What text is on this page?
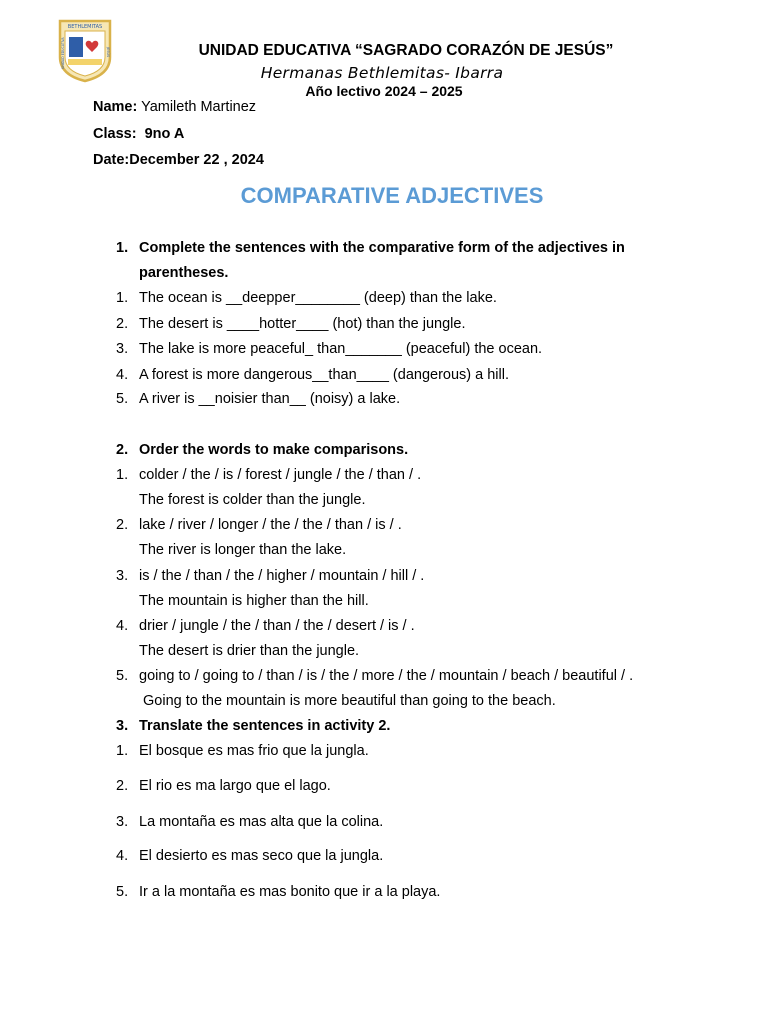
BETHLEMITAS
UNIDAD EDUCATIVA	JESÚS	UNIDAD EDUCATIVA “SAGRADO CORAZÓN DE JESÚS”
Hermanas Bethlemitas- Ibarra
Año lectivo 2024 – 2025
Name: Yamileth Martinez
Class:  9no A
Date:December 22 , 2024
COMPARATIVE ADJECTIVES
1. Complete the sentences with the comparative form of the adjectives in
parentheses.
1. The ocean is __deepper________ (deep) than the lake.
2. The desert is ____hotter____ (hot) than the jungle.
3. The lake is more peaceful_ than_______ (peaceful) the ocean.
4. A forest is more dangerous__than____ (dangerous) a hill.
5. A river is __noisier than__ (noisy) a lake.
2. Order the words to make comparisons.
1. colder / the / is / forest / jungle / the / than / .
The forest is colder than the jungle.
2. lake / river / longer / the / the / than / is / .
The river is longer than the lake.
3. is / the / than / the / higher / mountain / hill / .
The mountain is higher than the hill.
4. drier / jungle / the / than / the / desert / is / .
The desert is drier than the jungle.
5. going to / going to / than / is / the / more / the / mountain / beach / beautiful / .
Going to the mountain is more beautiful than going to the beach.
3. Translate the sentences in activity 2.
1. El bosque es mas frio que la jungla.
2. El rio es ma largo que el lago.
3. La montaña es mas alta que la colina.
4. El desierto es mas seco que la jungla.
5. Ir a la montaña es mas bonito que ir a la playa.
